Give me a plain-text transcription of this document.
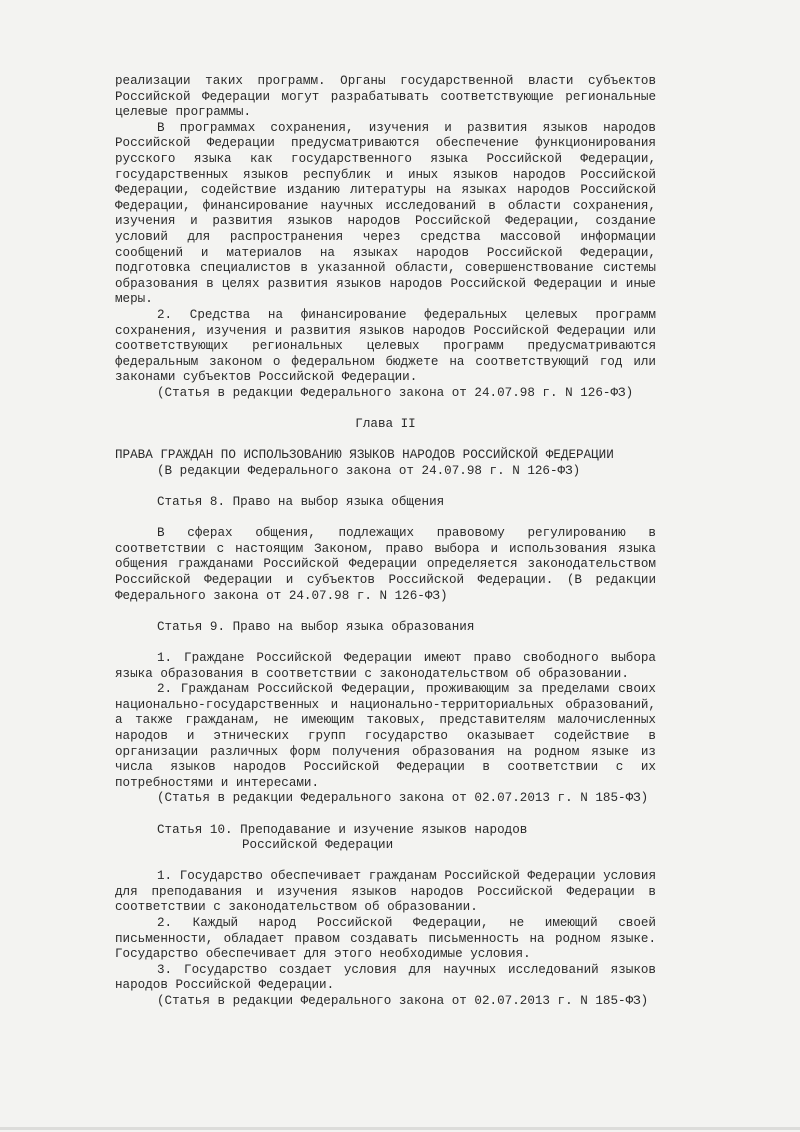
реализации таких программ. Органы государственной власти субъектов Российской Федерации могут разрабатывать соответствующие региональные целевые программы.

В программах сохранения, изучения и развития языков народов Российской Федерации предусматриваются обеспечение функционирования русского языка как государственного языка Российской Федерации, государственных языков республик и иных языков народов Российской Федерации, содействие изданию литературы на языках народов Российской Федерации, финансирование научных исследований в области сохранения, изучения и развития языков народов Российской Федерации, создание условий для распространения через средства массовой информации сообщений и материалов на языках народов Российской Федерации, подготовка специалистов в указанной области, совершенствование системы образования в целях развития языков народов Российской Федерации и иные меры.

2. Средства на финансирование федеральных целевых программ сохранения, изучения и развития языков народов Российской Федерации или соответствующих региональных целевых программ предусматриваются федеральным законом о федеральном бюджете на соответствующий год или законами субъектов Российской Федерации.

(Статья в редакции Федерального закона от 24.07.98 г. N 126-ФЗ)

Глава II

ПРАВА ГРАЖДАН ПО ИСПОЛЬЗОВАНИЮ ЯЗЫКОВ НАРОДОВ РОССИЙСКОЙ ФЕДЕРАЦИИ

(В редакции Федерального закона от 24.07.98 г. N 126-ФЗ)

Статья 8. Право на выбор языка общения

В сферах общения, подлежащих правовому регулированию в соответствии с настоящим Законом, право выбора и использования языка общения гражданами Российской Федерации определяется законодательством Российской Федерации и субъектов Российской Федерации. (В редакции Федерального закона от 24.07.98 г. N 126-ФЗ)

Статья 9. Право на выбор языка образования

1. Граждане Российской Федерации имеют право свободного выбора языка образования в соответствии с законодательством об образовании.

2. Гражданам Российской Федерации, проживающим за пределами своих национально-государственных и национально-территориальных образований, а также гражданам, не имеющим таковых, представителям малочисленных народов и этнических групп государство оказывает содействие в организации различных форм получения образования на родном языке из числа языков народов Российской Федерации в соответствии с их потребностями и интересами.

(Статья в редакции Федерального закона от 02.07.2013 г. N 185-ФЗ)

Статья 10. Преподавание и изучение языков народов

Российской Федерации

1. Государство обеспечивает гражданам Российской Федерации условия для преподавания и изучения языков народов Российской Федерации в соответствии с законодательством об образовании.

2. Каждый народ Российской Федерации, не имеющий своей письменности, обладает правом создавать письменность на родном языке. Государство обеспечивает для этого необходимые условия.

3. Государство создает условия для научных исследований языков народов Российской Федерации.

(Статья в редакции Федерального закона от 02.07.2013 г. N 185-ФЗ)
